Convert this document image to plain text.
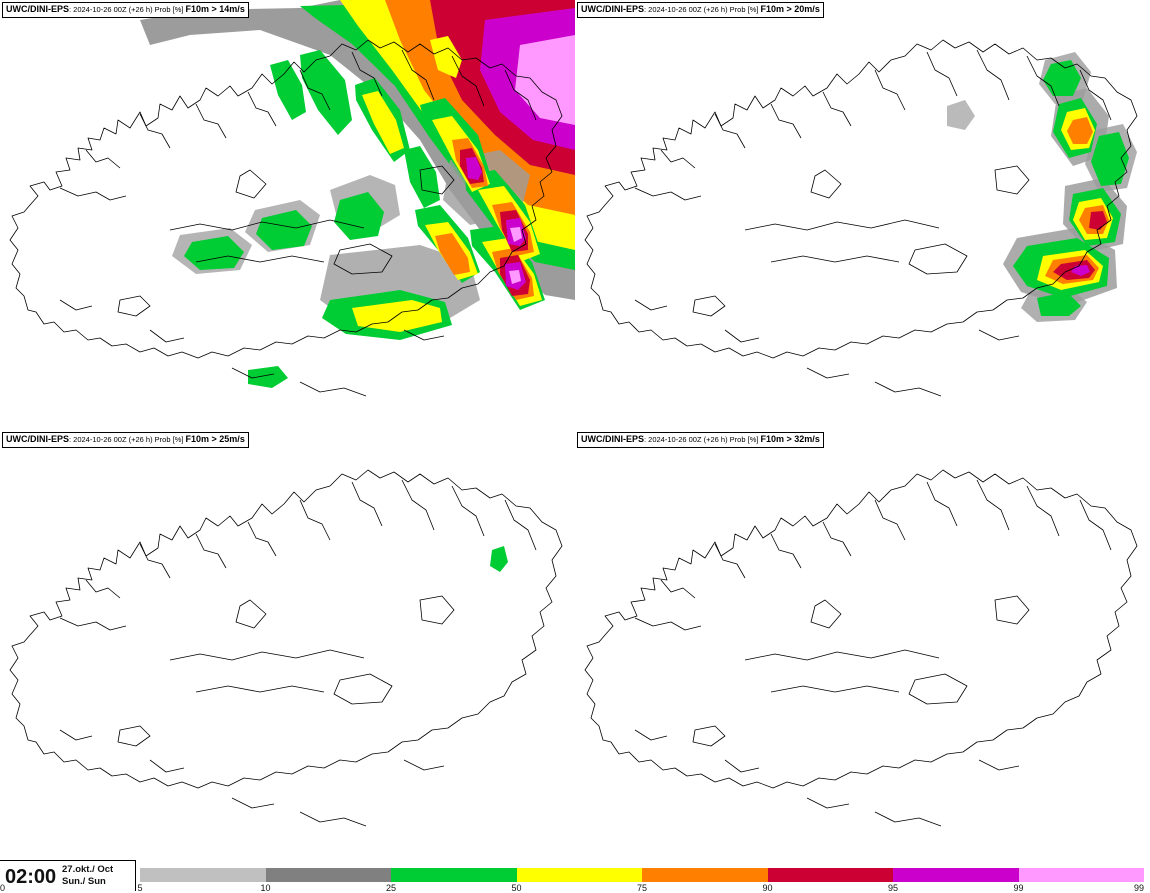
UWC/DINI-EPS: 2024-10-26 00Z (+26 h) Prob [%] F10m > 14m/s	UWC/DINI-EPS: 2024-10-26 00Z (+26 h) Prob [%] F10m > 20m/s
UWC/DINI-EPS: 2024-10-26 00Z (+26 h) Prob [%] F10m > 25m/s	UWC/DINI-EPS: 2024-10-26 00Z (+26 h) Prob [%] F10m > 32m/s
02:00 27.okt./ Oct
Sun./ Sun
0	5	10	25	50	75	90	95	99	99
